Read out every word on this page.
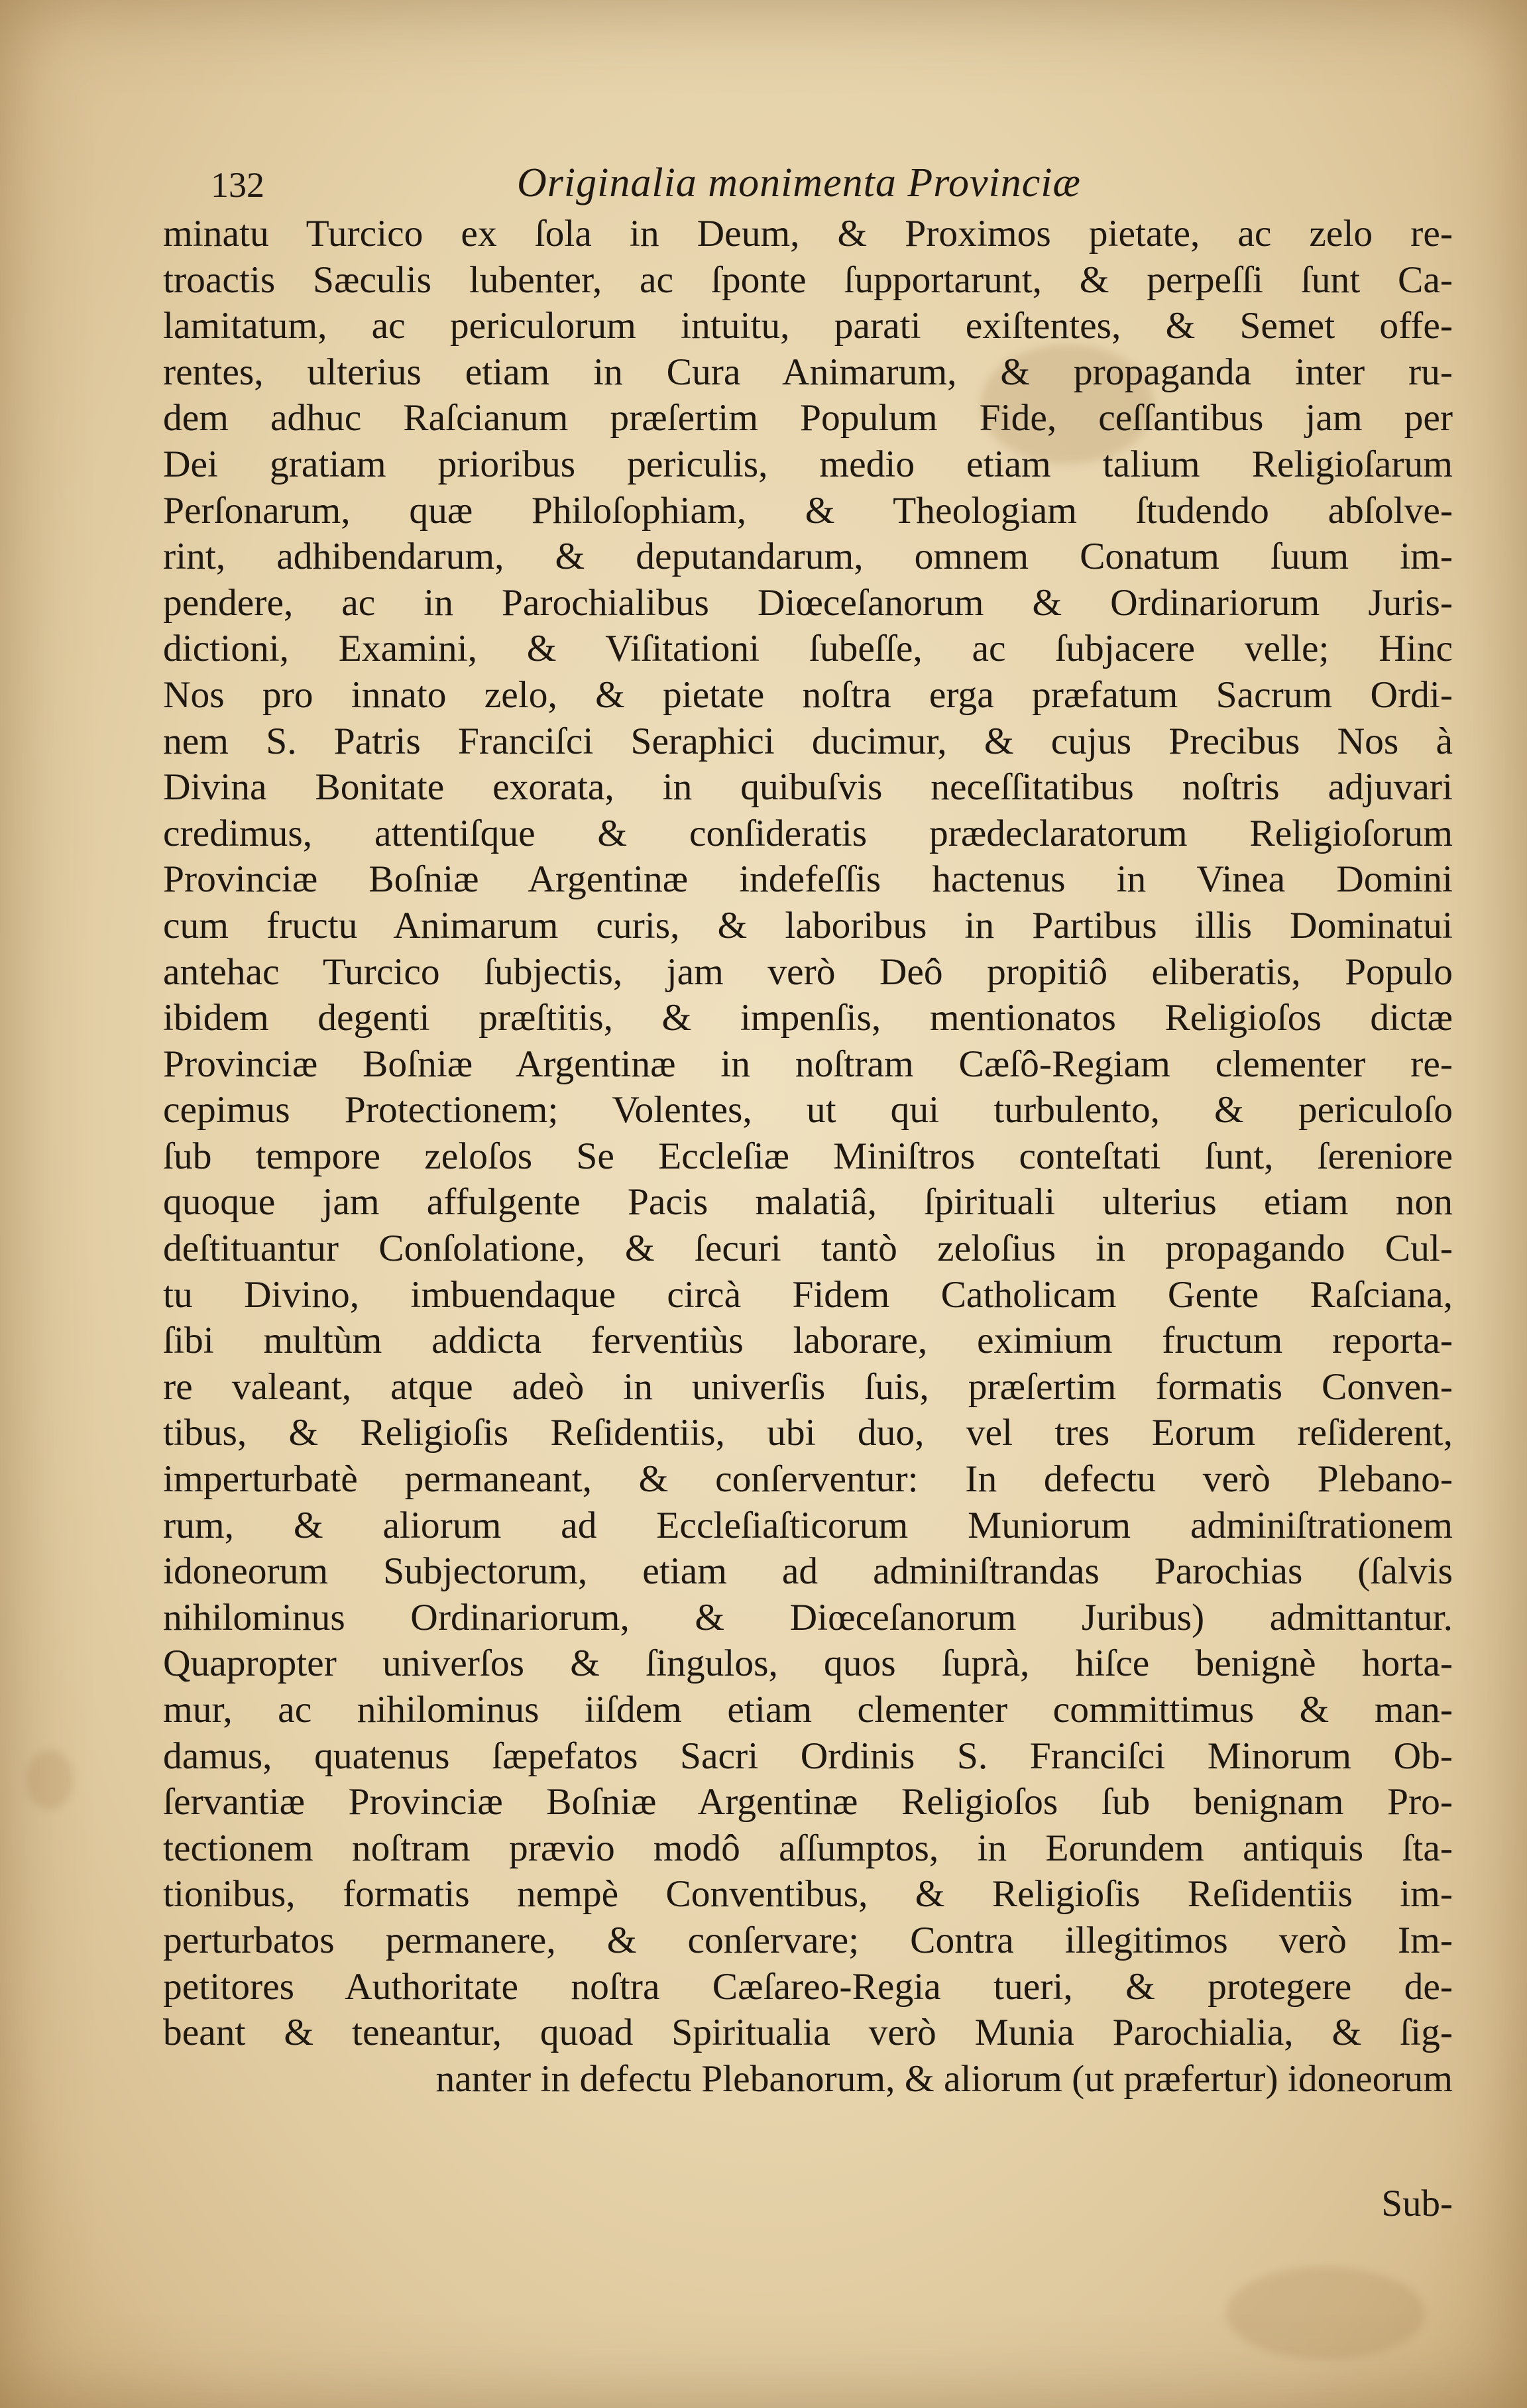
132	Originalia monimenta Provinciæ
minatu Turcico ex ſola in Deum, & Proximos pietate, ac zelo re-
troactis Sæculis lubenter, ac ſponte ſupportarunt, & perpeſſi ſunt Ca-
lamitatum, ac periculorum intuitu, parati exiſtentes, & Semet offe-
rentes, ulterius etiam in Cura Animarum, & propaganda inter ru-
dem adhuc Raſcianum præſertim Populum Fide, ceſſantibus jam per
Dei gratiam prioribus periculis, medio etiam talium Religioſarum
Perſonarum, quæ Philoſophiam, & Theologiam ſtudendo abſolve-
rint, adhibendarum, & deputandarum, omnem Conatum ſuum im-
pendere, ac in Parochialibus Diœceſanorum & Ordinariorum Juris-
dictioni, Examini, & Viſitationi ſubeſſe, ac ſubjacere velle; Hinc
Nos pro innato zelo, & pietate noſtra erga præfatum Sacrum Ordi-
nem S. Patris Franciſci Seraphici ducimur, & cujus Precibus Nos à
Divina Bonitate exorata, in quibuſvis neceſſitatibus noſtris adjuvari
credimus, attentiſque & conſideratis prædeclaratorum Religioſorum
Provinciæ Boſniæ Argentinæ indefeſſis hactenus in Vinea Domini
cum fructu Animarum curis, & laboribus in Partibus illis Dominatui
antehac Turcico ſubjectis, jam verò Deô propitiô eliberatis, Populo
ibidem degenti præſtitis, & impenſis, mentionatos Religioſos dictæ
Provinciæ Boſniæ Argentinæ in noſtram Cæſô-Regiam clementer re-
cepimus Protectionem; Volentes, ut qui turbulento, & periculoſo
ſub tempore zeloſos Se Eccleſiæ Miniſtros conteſtati ſunt, ſereniore
quoque jam affulgente Pacis malatiâ, ſpirituali ulterius etiam non
deſtituantur Conſolatione, & ſecuri tantò zeloſius in propagando Cul-
tu Divino, imbuendaque circà Fidem Catholicam Gente Raſciana,
ſibi multùm addicta ferventiùs laborare, eximium fructum reporta-
re valeant, atque adeò in univerſis ſuis, præſertim formatis Conven-
tibus, & Religioſis Reſidentiis, ubi duo, vel tres Eorum reſiderent,
imperturbatè permaneant, & conſerventur: In defectu verò Plebano-
rum, & aliorum ad Eccleſiaſticorum Muniorum adminiſtrationem
idoneorum Subjectorum, etiam ad adminiſtrandas Parochias (ſalvis
nihilominus Ordinariorum, & Diœceſanorum Juribus) admittantur.
Quapropter univerſos & ſingulos, quos ſuprà, hiſce benignè horta-
mur, ac nihilominus iiſdem etiam clementer committimus & man-
damus, quatenus ſæpefatos Sacri Ordinis S. Franciſci Minorum Ob-
ſervantiæ Provinciæ Boſniæ Argentinæ Religioſos ſub benignam Pro-
tectionem noſtram prævio modô aſſumptos, in Eorundem antiquis ſta-
tionibus, formatis nempè Conventibus, & Religioſis Reſidentiis im-
perturbatos permanere, & conſervare; Contra illegitimos verò Im-
petitores Authoritate noſtra Cæſareo-Regia tueri, & protegere de-
beant & teneantur, quoad Spiritualia verò Munia Parochialia, & ſig-
nanter in defectu Plebanorum, & aliorum (ut præfertur) idoneorum
Sub-
